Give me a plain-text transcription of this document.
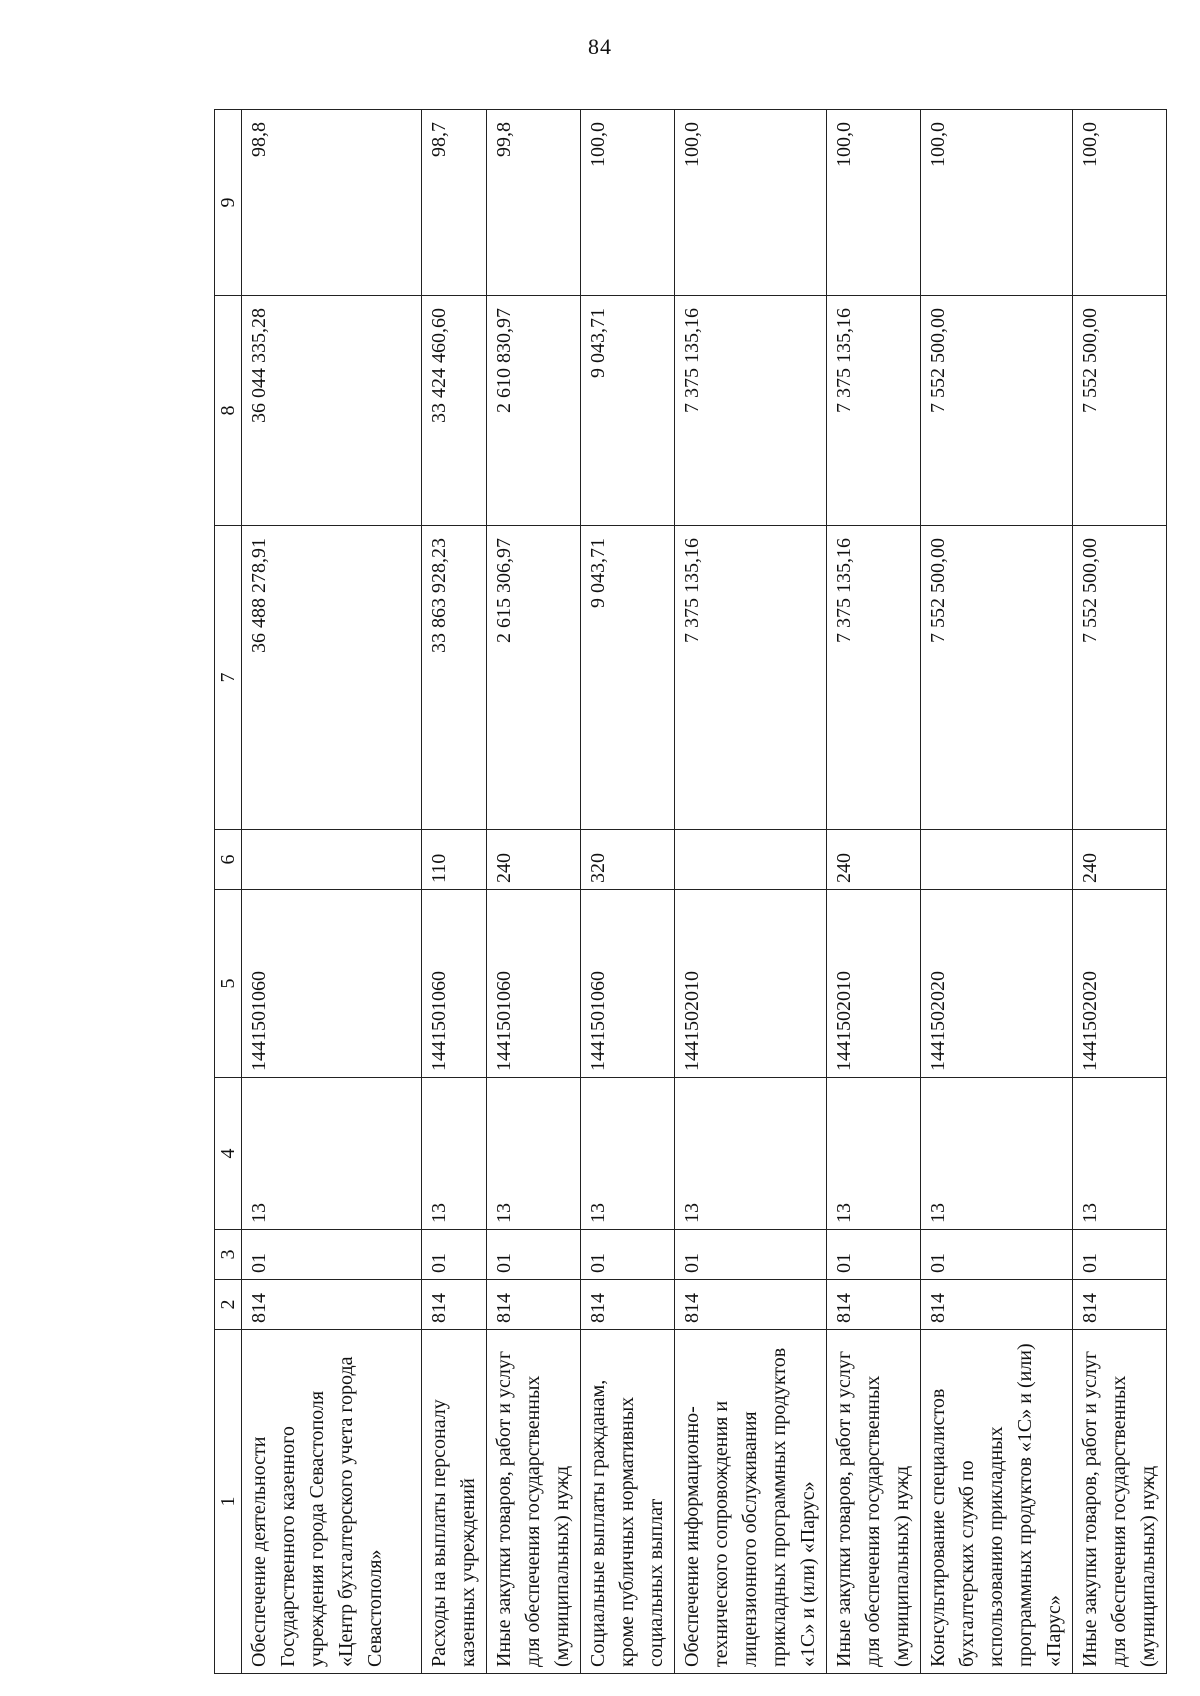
84
1	2	3	4	5	6	7	8	9
Обеспечение деятельности Государственного казенного учреждения города Севастополя «Центр бухгалтерского учета города Севастополя»	814	01	13	1441501060		36 488 278,91	36 044 335,28	98,8
Расходы на выплаты персоналу казенных учреждений	814	01	13	1441501060	110	33 863 928,23	33 424 460,60	98,7
Иные закупки товаров, работ и услуг для обеспечения государственных (муниципальных) нужд	814	01	13	1441501060	240	2 615 306,97	2 610 830,97	99,8
Социальные выплаты гражданам, кроме публичных нормативных социальных выплат	814	01	13	1441501060	320	9 043,71	9 043,71	100,0
Обеспечение информационно-технического сопровождения и лицензионного обслуживания прикладных программных продуктов «1С» и (или) «Парус»	814	01	13	1441502010		7 375 135,16	7 375 135,16	100,0
Иные закупки товаров, работ и услуг для обеспечения государственных (муниципальных) нужд	814	01	13	1441502010	240	7 375 135,16	7 375 135,16	100,0
Консультирование специалистов бухгалтерских служб по использованию прикладных программных продуктов «1С» и (или) «Парус»	814	01	13	1441502020		7 552 500,00	7 552 500,00	100,0
Иные закупки товаров, работ и услуг для обеспечения государственных (муниципальных) нужд	814	01	13	1441502020	240	7 552 500,00	7 552 500,00	100,0
